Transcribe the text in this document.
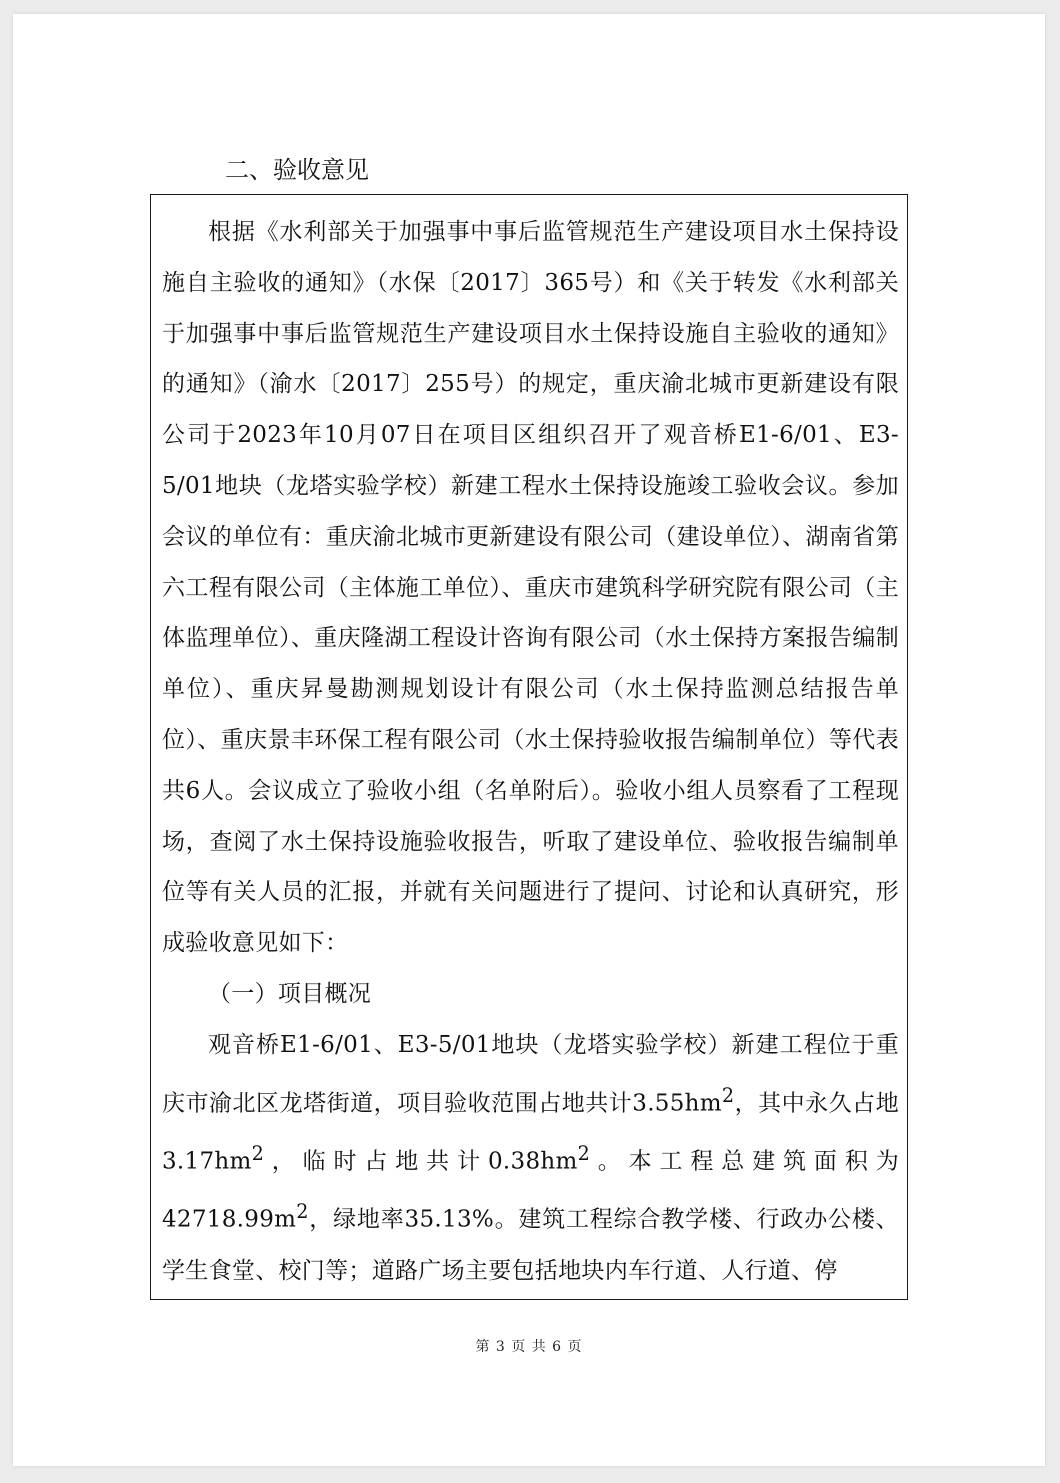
二、验收意见

根据《水利部关于加强事中事后监管规范生产建设项目水土保持设施自主验收的通知》（水保〔2017〕365号）和《关于转发《水利部关于加强事中事后监管规范生产建设项目水土保持设施自主验收的通知》的通知》（渝水〔2017〕255号）的规定，重庆渝北城市更新建设有限公司于2023年10月07日在项目区组织召开了观音桥E1-6/01、E3-5/01地块（龙塔实验学校）新建工程水土保持设施竣工验收会议。参加会议的单位有：重庆渝北城市更新建设有限公司（建设单位）、湖南省第六工程有限公司（主体施工单位）、重庆市建筑科学研究院有限公司（主体监理单位）、重庆隆湖工程设计咨询有限公司（水土保持方案报告编制单位）、重庆昇曼勘测规划设计有限公司（水土保持监测总结报告单位）、重庆景丰环保工程有限公司（水土保持验收报告编制单位）等代表共6人。会议成立了验收小组（名单附后）。验收小组人员察看了工程现场，查阅了水土保持设施验收报告，听取了建设单位、验收报告编制单位等有关人员的汇报，并就有关问题进行了提问、讨论和认真研究，形成验收意见如下：

（一）项目概况

观音桥E1-6/01、E3-5/01地块（龙塔实验学校）新建工程位于重庆市渝北区龙塔街道，项目验收范围占地共计$3.55hm^2$，其中永久占地$3.17hm^2$，临时占地共计$0.38hm^2$。本工程总建筑面积为$42718.99m^2$，绿地率35.13%。建筑工程综合教学楼、行政办公楼、学生食堂、校门等；道路广场主要包括地块内车行道、人行道、停

第 3 页 共 6 页
